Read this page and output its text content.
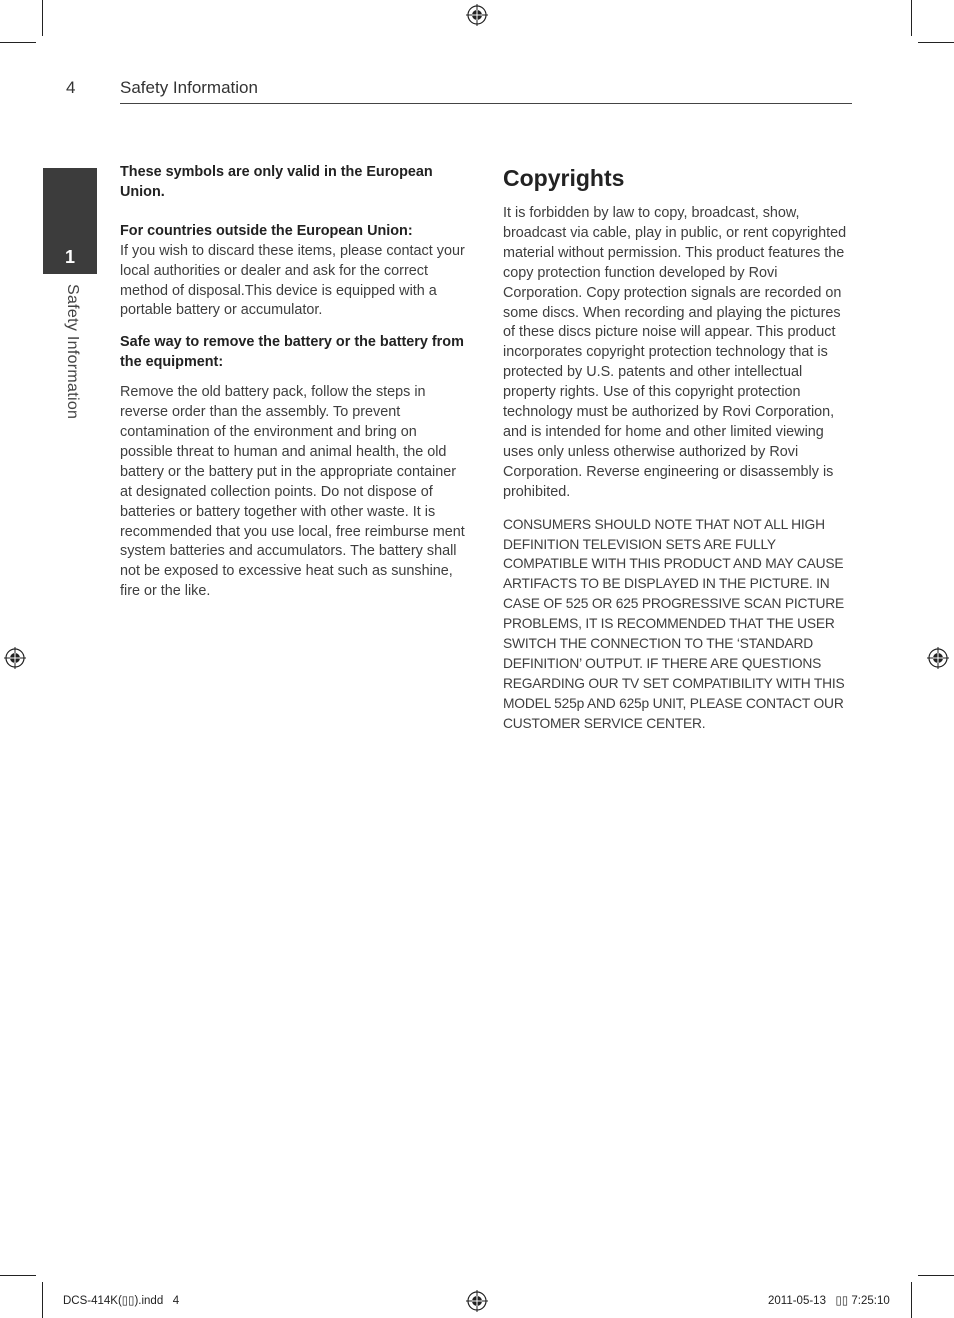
4	Safety Information
1
Safety Information

These symbols are only valid in the European Union.

For countries outside the European Union:

If you wish to discard these items, please contact your local authorities or dealer and ask for the correct method of disposal.This device is equipped with a portable battery or accumulator.

Safe way to remove the battery or the battery from the equipment:

Remove the old battery pack, follow the steps in reverse order than the assembly. To prevent contamination of the environment and bring on possible threat to human and animal health, the old battery or the battery put in the appropriate container at designated collection points. Do not dispose of batteries or battery together with other waste. It is recommended that you use local, free reimburse ment system batteries and accumulators. The battery shall not be exposed to excessive heat such as sunshine, fire or the like.

Copyrights

It is forbidden by law to copy, broadcast, show, broadcast via cable, play in public, or rent copyrighted material without permission. This product features the copy protection function developed by Rovi Corporation. Copy protection signals are recorded on some discs. When recording and playing the pictures of these discs picture noise will appear. This product incorporates copyright protection technology that is protected by U.S. patents and other intellectual property rights. Use of this copyright protection technology must be authorized by Rovi Corporation, and is intended for home and other limited viewing uses only unless otherwise authorized by Rovi Corporation. Reverse engineering or disassembly is prohibited.

CONSUMERS SHOULD NOTE THAT NOT ALL HIGH DEFINITION TELEVISION SETS ARE FULLY COMPATIBLE WITH THIS PRODUCT AND MAY CAUSE ARTIFACTS TO BE DISPLAYED IN THE PICTURE. IN CASE OF 525 OR 625 PROGRESSIVE SCAN PICTURE PROBLEMS, IT IS RECOMMENDED THAT THE USER SWITCH THE CONNECTION TO THE ‘STANDARD DEFINITION’ OUTPUT. IF THERE ARE QUESTIONS REGARDING OUR TV SET COMPATIBILITY WITH THIS MODEL 525p AND 625p UNIT, PLEASE CONTACT OUR CUSTOMER SERVICE CENTER.

DCS-414K(▯▯).indd   4	2011-05-13   ▯▯ 7:25:10
